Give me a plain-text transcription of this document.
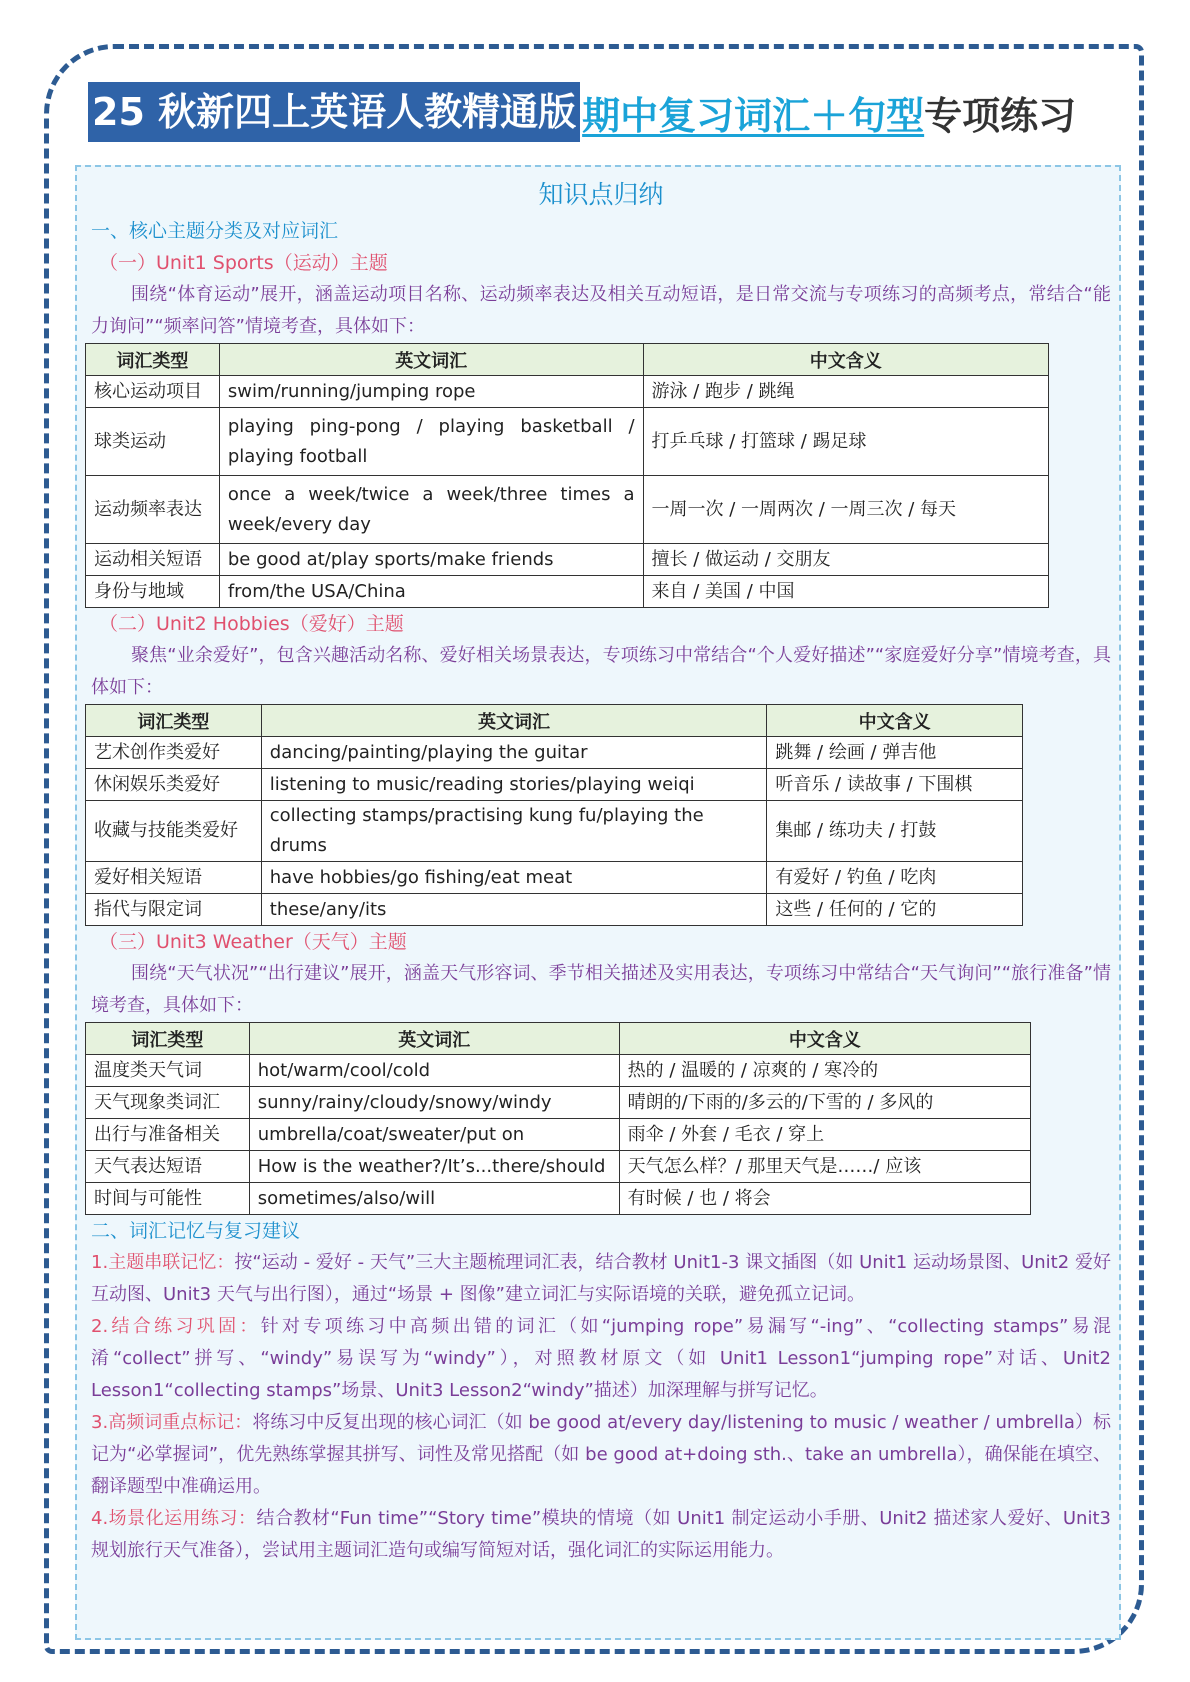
25 秋新四上英语人教精通版 期中复习词汇＋句型 专项练习
知识点归纳
一、核心主题分类及对应词汇
（一）Unit1 Sports（运动）主题
围绕“体育运动”展开，涵盖运动项目名称、运动频率表达及相关互动短语，是日常交流与专项练习的高频考点，常结合“能力询问”“频率问答”情境考查，具体如下：
词汇类型	英文词汇	中文含义
核心运动项目	swim/running/jumping rope	游泳 / 跑步 / 跳绳
球类运动	playing ping-pong / playing basketball / playing football	打乒乓球 / 打篮球 / 踢足球
运动频率表达	once a week/twice a week/three times a week/every day	一周一次 / 一周两次 / 一周三次 / 每天
运动相关短语	be good at/play sports/make friends	擅长 / 做运动 / 交朋友
身份与地域	from/the USA/China	来自 / 美国 / 中国
（二）Unit2 Hobbies（爱好）主题
聚焦“业余爱好”，包含兴趣活动名称、爱好相关场景表达，专项练习中常结合“个人爱好描述”“家庭爱好分享”情境考查，具体如下：
词汇类型	英文词汇	中文含义
艺术创作类爱好	dancing/painting/playing the guitar	跳舞 / 绘画 / 弹吉他
休闲娱乐类爱好	listening to music/reading stories/playing weiqi	听音乐 / 读故事 / 下围棋
收藏与技能类爱好	collecting stamps/practising kung fu/playing the drums	集邮 / 练功夫 / 打鼓
爱好相关短语	have hobbies/go fishing/eat meat	有爱好 / 钓鱼 / 吃肉
指代与限定词	these/any/its	这些 / 任何的 / 它的
（三）Unit3 Weather（天气）主题
围绕“天气状况”“出行建议”展开，涵盖天气形容词、季节相关描述及实用表达，专项练习中常结合“天气询问”“旅行准备”情境考查，具体如下：
词汇类型	英文词汇	中文含义
温度类天气词	hot/warm/cool/cold	热的 / 温暖的 / 凉爽的 / 寒冷的
天气现象类词汇	sunny/rainy/cloudy/snowy/windy	晴朗的/下雨的/多云的/下雪的 / 多风的
出行与准备相关	umbrella/coat/sweater/put on	雨伞 / 外套 / 毛衣 / 穿上
天气表达短语	How is the weather?/It’s...there/should	天气怎么样？/ 那里天气是……/ 应该
时间与可能性	sometimes/also/will	有时候 / 也 / 将会
二、词汇记忆与复习建议
1.主题串联记忆：按“运动 - 爱好 - 天气”三大主题梳理词汇表，结合教材 Unit1-3 课文插图（如 Unit1 运动场景图、Unit2 爱好互动图、Unit3 天气与出行图），通过“场景 + 图像”建立词汇与实际语境的关联，避免孤立记词。
2.结合练习巩固：针对专项练习中高频出错的词汇（如“jumping rope”易漏写“-ing”、“collecting stamps”易混淆“collect”拼写、“windy”易误写为“windy”），对照教材原文（如 Unit1 Lesson1“jumping rope”对话、Unit2 Lesson1“collecting stamps”场景、Unit3 Lesson2“windy”描述）加深理解与拼写记忆。
3.高频词重点标记：将练习中反复出现的核心词汇（如 be good at/every day/listening to music / weather / umbrella）标记为“必掌握词”，优先熟练掌握其拼写、词性及常见搭配（如 be good at+doing sth.、take an umbrella），确保能在填空、翻译题型中准确运用。
4.场景化运用练习：结合教材“Fun time”“Story time”模块的情境（如 Unit1 制定运动小手册、Unit2 描述家人爱好、Unit3 规划旅行天气准备），尝试用主题词汇造句或编写简短对话，强化词汇的实际运用能力。
